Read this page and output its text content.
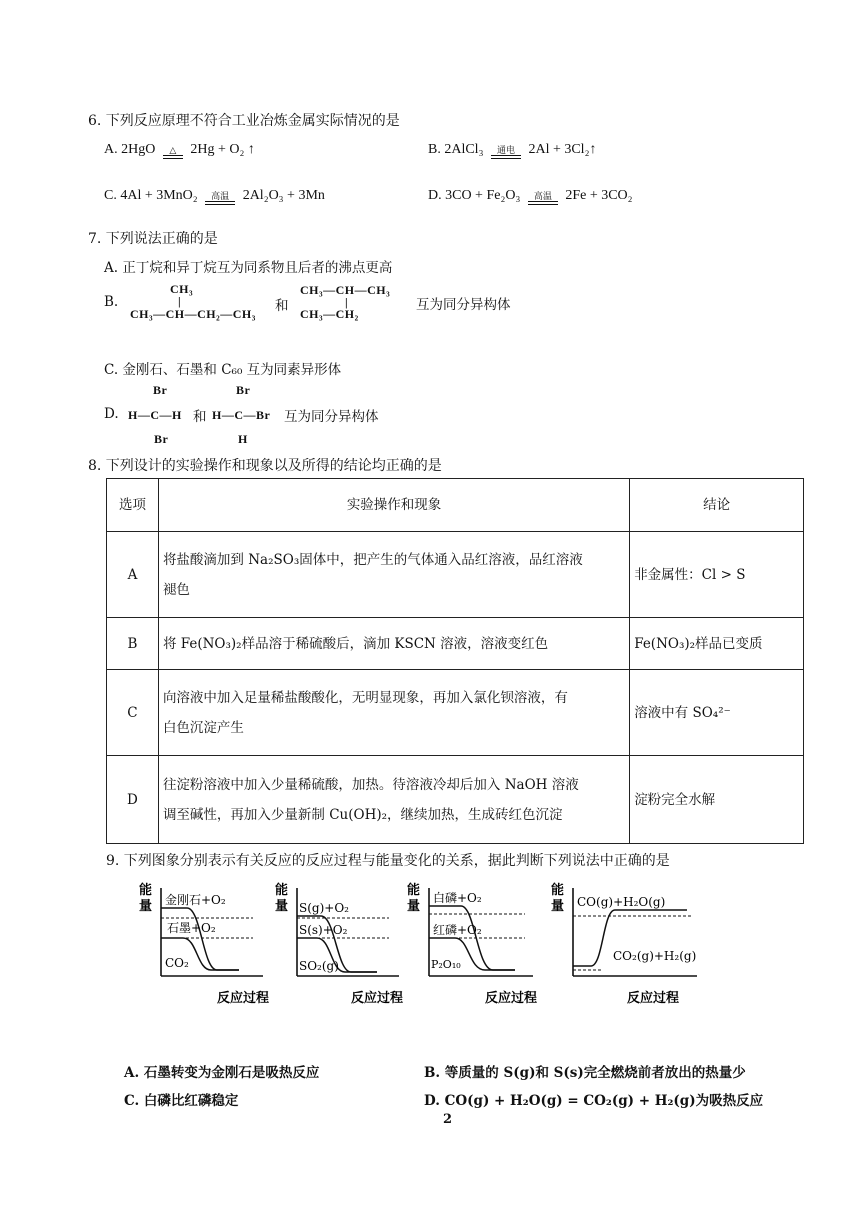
6. 下列反应原理不符合工业冶炼金属实际情况的是
A. 2HgO	△	2Hg + O₂ ↑	B. 2AlCl₃	通电 2Al + 3Cl₂↑
C. 4Al + 3MnO₂	高温 2Al₂O₃ + 3Mn	D. 3CO + Fe₂O₃	高温 2Fe + 3CO₂
7. 下列说法正确的是
A. 正丁烷和异丁烷互为同系物且后者的沸点更高
B.
CH₃
|
CH₃—CH—CH₂—CH₃ 和
CH₃—CH—CH₃
|
CH₃—CH₂
互为同分异构体
C. 金刚石、石墨和 C₆₀ 互为同素异形体
D.
Br
H—C—H
Br
和
Br
H—C—Br
H
互为同分异构体
8. 下列设计的实验操作和现象以及所得的结论均正确的是
选项	实验操作和现象	结论
A	将盐酸滴加到 Na₂SO₃固体中，把产生的气体通入品红溶液，品红溶液
褪色	非金属性：Cl > S
B	将 Fe(NO₃)₂样品溶于稀硫酸后，滴加 KSCN 溶液，溶液变红色	Fe(NO₃)₂样品已变质
C	向溶液中加入足量稀盐酸酸化，无明显现象，再加入氯化钡溶液，有
白色沉淀产生	溶液中有 SO₄²⁻
D	往淀粉溶液中加入少量稀硫酸，加热。待溶液冷却后加入 NaOH 溶液
调至碱性，再加入少量新制 Cu(OH)₂，继续加热，生成砖红色沉淀	淀粉完全水解
9. 下列图象分别表示有关反应的反应过程与能量变化的关系，据此判断下列说法中正确的是
能
量 金刚石+O₂
石墨+O₂
CO₂
反应过程
能
量 S(g)+O₂
S(s)+O₂
SO₂(g)
反应过程
能
量
白磷+O₂
红磷+O₂
P₂O₁₀
反应过程
能
量 CO(g)+H₂O(g)
CO₂(g)+H₂(g)
反应过程
A. 石墨转变为金刚石是吸热反应	B. 等质量的 S(g)和 S(s)完全燃烧前者放出的热量少
C. 白磷比红磷稳定	D. CO(g) + H₂O(g) = CO₂(g) + H₂(g)为吸热反应
2
